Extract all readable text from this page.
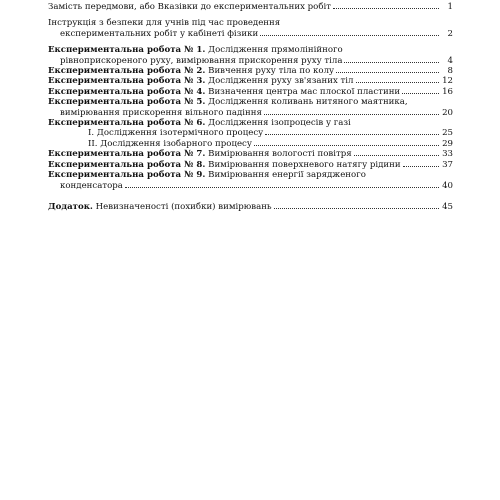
Замість передмови, або Вказівки до експериментальних робіт	1
Інструкція з безпеки для учнів під час проведення
експериментальних робіт у кабінеті фізики	2
Експериментальна робота № 1. Дослідження прямолінійного
рівноприскореного руху, вимірювання прискорення руху тіла	4
Експериментальна робота № 2. Вивчення руху тіла по колу	8
Експериментальна робота № 3. Дослідження руху зв'язаних тіл	12
Експериментальна робота № 4. Визначення центра мас плоскої пластини	16
Експериментальна робота № 5. Дослідження коливань нитяного маятника,
вимірювання прискорення вільного падіння	20
Експериментальна робота № 6. Дослідження ізопроцесів у газі
I. Дослідження ізотермічного процесу	25
II. Дослідження ізобарного процесу	29
Експериментальна робота № 7. Вимірювання вологості повітря	33
Експериментальна робота № 8. Вимірювання поверхневого натягу рідини	37
Експериментальна робота № 9. Вимірювання енергії зарядженого
конденсатора	40
Додаток. Невизначеності (похибки) вимірювань	45
